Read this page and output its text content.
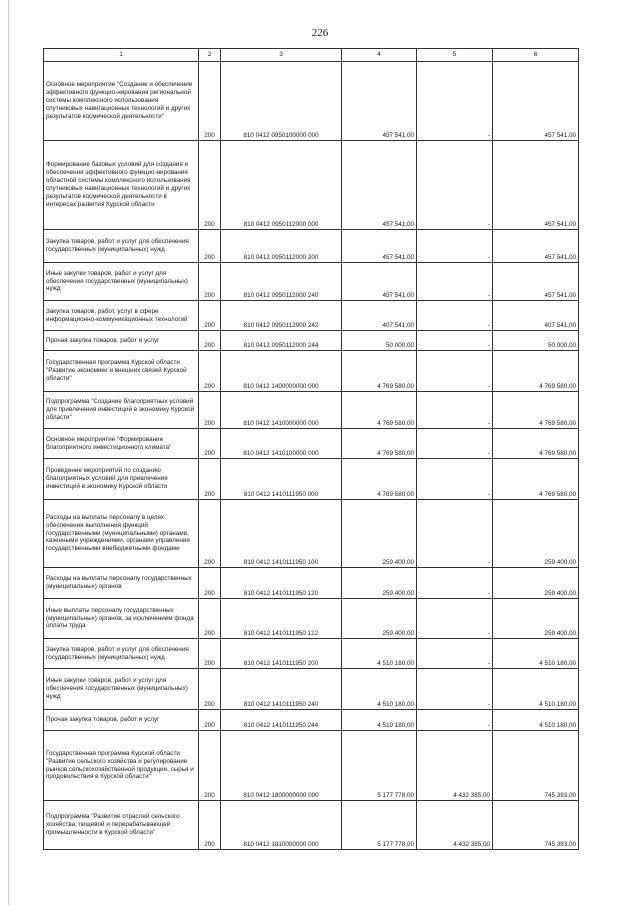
226
1	2	3	4	5	6
Основное мероприятие "Создание и обеспечение эффективного функцио-нирования региональной системы комплексного использования спутниковых навигационных технологий и других результатов космической деятельности"	200	810 0412 0950100000 000	457 541,00	-	457 541,00
Формирование базовых условий для создания и обеспечения эффективного функцио-нирования областной системы комплексного использования спутниковых навигационных технологий и других результатов космической деятельности в интересах развития Курской области	200	810 0412 0950112000 000	457 541,00	-	457 541,00
Закупка товаров, работ и услуг для обеспечения государственных (муниципальных) нужд	200	810 0412 0950112000 200	457 541,00	-	457 541,00
Иные закупки товаров, работ и услуг для обеспечения государственных (муниципальных) нужд	200	810 0412 0950112000 240	457 541,00	-	457 541,00
Закупка товаров, работ, услуг в сфере информационно-коммуникационных технологий	200	810 0412 0950112000 242	407 541,00	-	407 541,00
Прочая закупка товаров, работ и услуг	200	810 0412 0950112000 244	50 000,00	-	50 000,00
Государственная программа Курской области "Развитие экономики и внешних связей Курской области"	200	810 0412 1400000000 000	4 769 580,00	-	4 769 580,00
Подпрограмма "Создание благоприятных условий для привлечения инвестиций в экономику Курской области"	200	810 0412 1410000000 000	4 769 580,00	-	4 769 580,00
Основное мероприятие "Формирование благоприятного инвестиционного климата"	200	810 0412 1410100000 000	4 769 580,00	-	4 769 580,00
Проведение мероприятий по созданию благоприятных условий для привлечения инвестиций в экономику Курской области	200	810 0412 1410111950 000	4 769 580,00	-	4 769 580,00
Расходы на выплаты персоналу в целях обеспечения выполнения функций государственными (муниципальными) органами, казенными учреждениями, органами управления государственными внебюджетными фондами	200	810 0412 1410111950 100	259 400,00	-	259 400,00
Расходы на выплаты персоналу государственных (муниципальных) органов	200	810 0412 1410111950 120	259 400,00	-	259 400,00
Иные выплаты персоналу государственных (муниципальных) органов, за исключением фонда оплаты труда	200	810 0412 1410111950 122	259 400,00	-	259 400,00
Закупка товаров, работ и услуг для обеспечения государственных (муниципальных) нужд	200	810 0412 1410111950 200	4 510 180,00	-	4 510 180,00
Иные закупки товаров, работ и услуг для обеспечения государственных (муниципальных) нужд	200	810 0412 1410111950 240	4 510 180,00	-	4 510 180,00
Прочая закупка товаров, работ и услуг	200	810 0412 1410111950 244	4 510 180,00	-	4 510 180,00
Государственная программа Курской области "Развитие сельского хозяйства и регулирование рынков сельскохозяйственной продукции, сырья и продовольствия в Курской области"	200	810 0412 1800000000 000	5 177 778,00	4 432 385,00	745 393,00
Подпрограмма "Развитие отраслей сельского хозяйства, пищевой и перерабатывающей промышленности в Курской области"	200	810 0412 1810000000 000	5 177 778,00	4 432 385,00	745 393,00
